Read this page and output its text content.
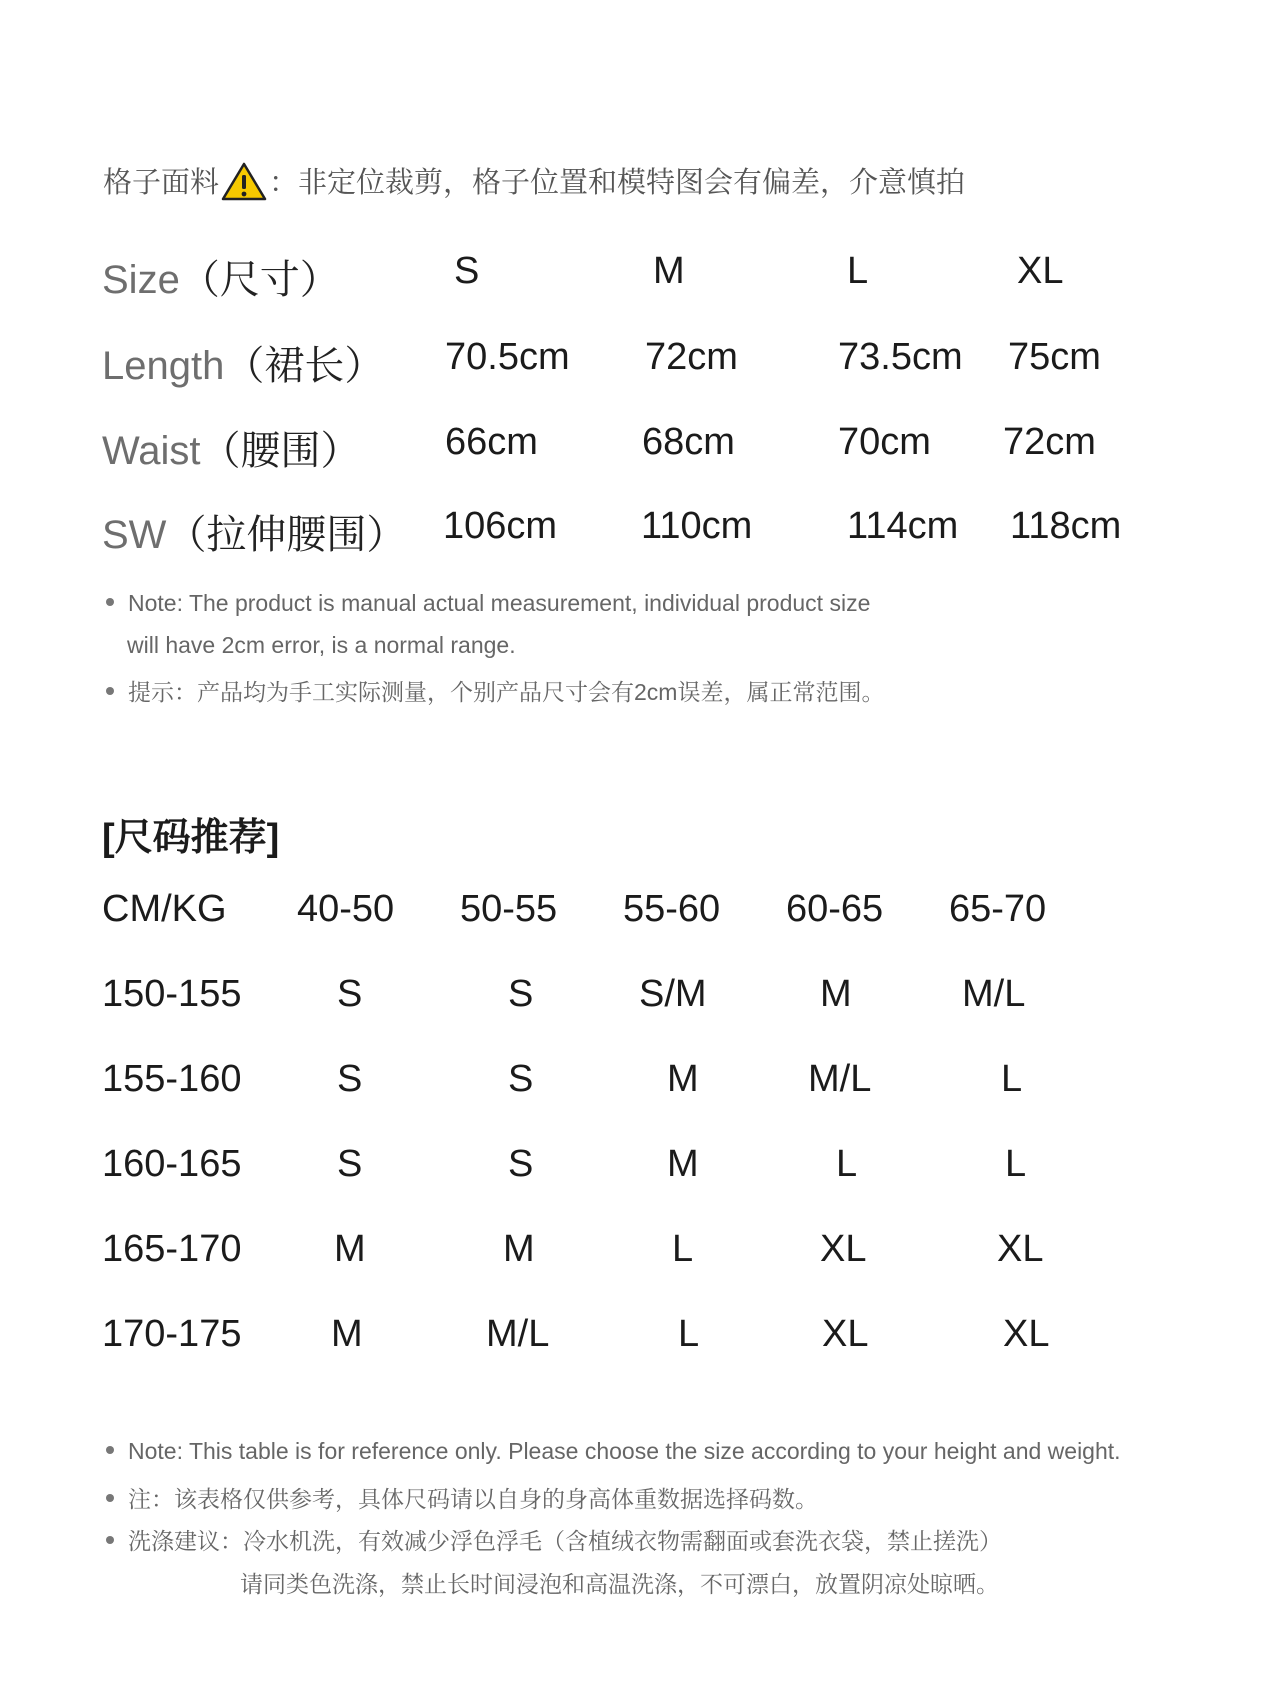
格子面料 ：非定位裁剪，格子位置和模特图会有偏差，介意慎拍
Size（尺寸）	S	M	L	XL
Length（裙长） 70.5cm 72cm	73.5cm 75cm
Waist（腰围） 66cm	68cm	70cm 72cm
SW（拉伸腰围） 106cm 110cm 114cm 118cm
Note: The product is manual actual measurement, individual product size
will have 2cm error, is a normal range.
提示：产品均为手工实际测量，个别产品尺寸会有2cm误差，属正常范围。
[尺码推荐]
CM/KG 40-50 50-55 55-60 60-65 65-70
150-155	S	S	S/M	M	M/L
155-160	S	S	M	M/L	L
160-165	S	S	M	L	L
165-170 M	M	L	XL	XL
170-175 M	M/L	L	XL	XL
Note: This table is for reference only. Please choose the size according to your height and weight.
注：该表格仅供参考，具体尺码请以自身的身高体重数据选择码数。
洗涤建议：冷水机洗，有效减少浮色浮毛（含植绒衣物需翻面或套洗衣袋，禁止搓洗）
请同类色洗涤，禁止长时间浸泡和高温洗涤，不可漂白，放置阴凉处晾晒。
